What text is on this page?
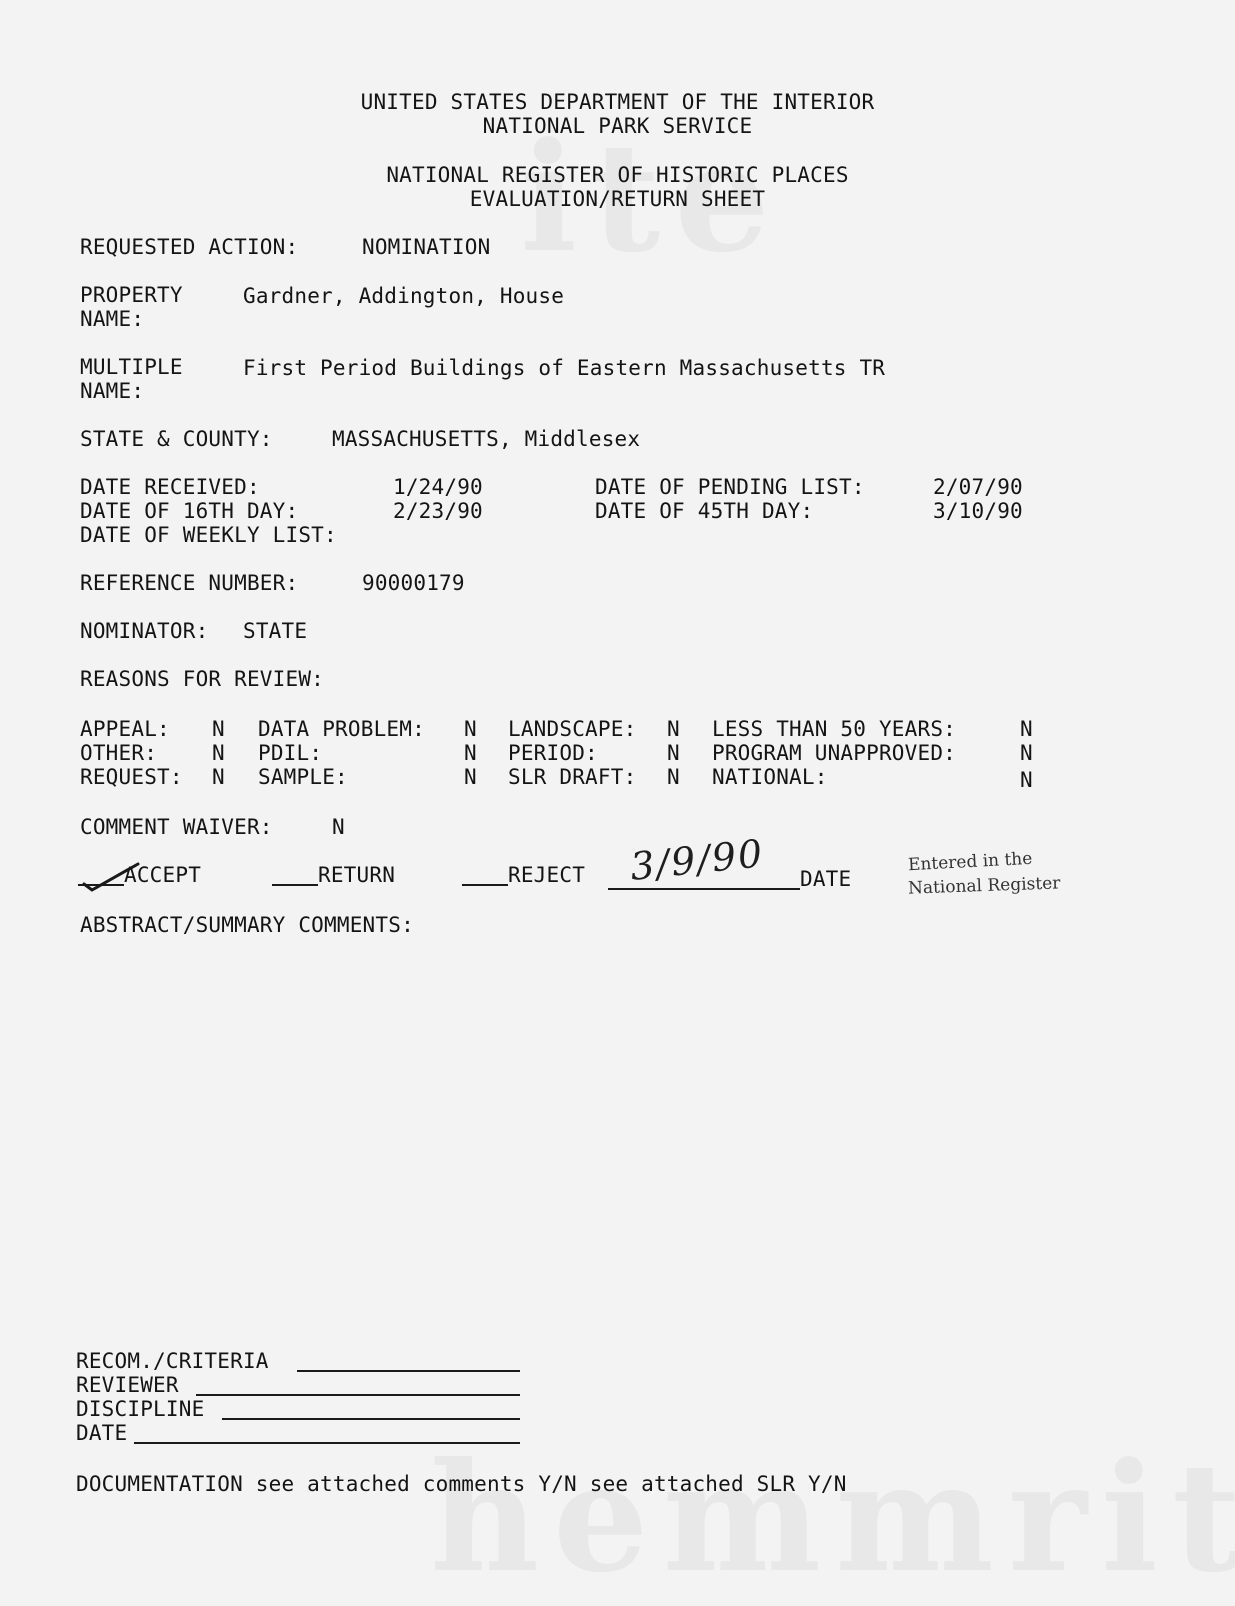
UNITED STATES DEPARTMENT OF THE INTERIOR
NATIONAL PARK SERVICE
NATIONAL REGISTER OF HISTORIC PLACES
EVALUATION/RETURN SHEET
REQUESTED ACTION:	NOMINATION
PROPERTY
NAME:
Gardner, Addington, House
MULTIPLE
NAME:
First Period Buildings of Eastern Massachusetts TR
STATE & COUNTY:	MASSACHUSETTS, Middlesex
DATE RECEIVED:	1/24/90	DATE OF PENDING LIST:	2/07/90
DATE OF 16TH DAY:	2/23/90	DATE OF 45TH DAY:	3/10/90
DATE OF WEEKLY LIST:
REFERENCE NUMBER:	90000179
NOMINATOR: STATE
REASONS FOR REVIEW:
APPEAL: N DATA PROBLEM: N LANDSCAPE: N LESS THAN 50 YEARS:	N
OTHER:	N PDIL:	N PERIOD:	N PROGRAM UNAPPROVED:	N
REQUEST: N SAMPLE:	N SLR DRAFT: N NATIONAL:	N
COMMENT WAIVER:	N
ACCEPT	RETURN	REJECT 3/9/90 DATE
Entered in the
National Register
ABSTRACT/SUMMARY COMMENTS:
RECOM./CRITERIA
REVIEWER
DISCIPLINE
DATE
DOCUMENTATION see attached comments Y/N see attached SLR Y/N
